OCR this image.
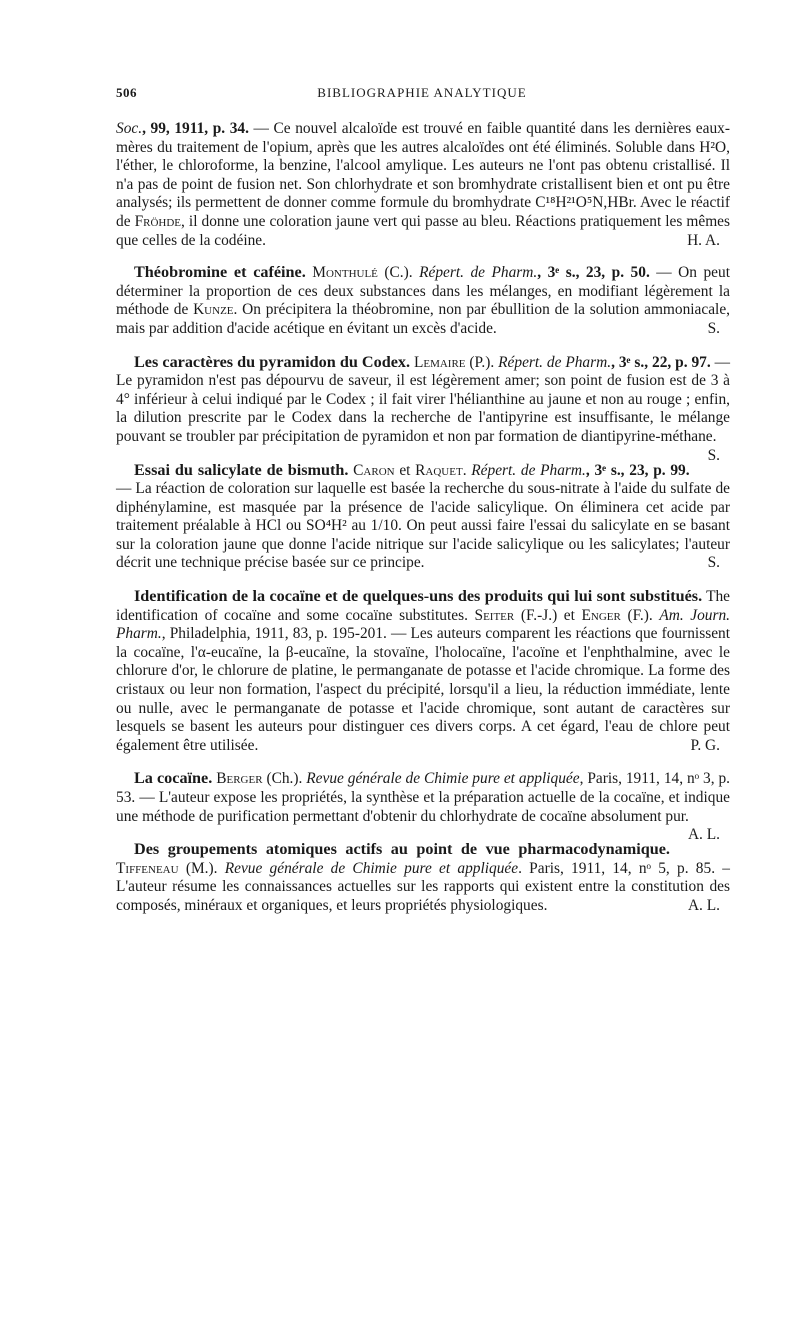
506	BIBLIOGRAPHIE ANALYTIQUE

Soc., 99, 1911, p. 34. — Ce nouvel alcaloïde est trouvé en faible quantité dans les dernières eaux-mères du traitement de l'opium, après que les autres alcaloïdes ont été éliminés. Soluble dans H²O, l'éther, le chloroforme, la benzine, l'alcool amylique. Les auteurs ne l'ont pas obtenu cristallisé. Il n'a pas de point de fusion net. Son chlorhydrate et son bromhydrate cristallisent bien et ont pu être analysés; ils permettent de donner comme formule du bromhydrate C¹⁸H²¹O⁵N,HBr. Avec le réactif de Fröhde, il donne une coloration jaune vert qui passe au bleu. Réactions pratiquement les mêmes que celles de la codéine.	H. A.

Théobromine et caféine. Monthulé (C.). Répert. de Pharm., 3ᵉ s., 23, p. 50. — On peut déterminer la proportion de ces deux substances dans les mélanges, en modifiant légèrement la méthode de Kunze. On précipitera la théobromine, non par ébullition de la solution ammoniacale, mais par addition d'acide acétique en évitant un excès d'acide.	S.

Les caractères du pyramidon du Codex. Lemaire (P.). Répert. de Pharm., 3ᵉ s., 22, p. 97. — Le pyramidon n'est pas dépourvu de saveur, il est légèrement amer; son point de fusion est de 3 à 4° inférieur à celui indiqué par le Codex ; il fait virer l'hélianthine au jaune et non au rouge ; enfin, la dilution prescrite par le Codex dans la recherche de l'antipyrine est insuffisante, le mélange pouvant se troubler par précipitation de pyramidon et non par formation de diantipyrine-méthane.
S.

Essai du salicylate de bismuth. Caron et Raquet. Répert. de Pharm., 3ᵉ s., 23, p. 99. — La réaction de coloration sur laquelle est basée la recherche du sous-nitrate à l'aide du sulfate de diphénylamine, est masquée par la présence de l'acide salicylique. On éliminera cet acide par traitement préalable à HCl ou SO⁴H² au 1/10. On peut aussi faire l'essai du salicylate en se basant sur la coloration jaune que donne l'acide nitrique sur l'acide salicylique ou les salicylates; l'auteur décrit une technique précise basée sur ce principe.	S.

Identification de la cocaïne et de quelques-uns des produits qui lui sont substitués. The identification of cocaïne and some cocaïne substitutes. Seiter (F.-J.) et Enger (F.). Am. Journ. Pharm., Philadelphia, 1911, 83, p. 195-201. — Les auteurs comparent les réactions que fournissent la cocaïne, l'α-eucaïne, la β-eucaïne, la stovaïne, l'holocaïne, l'acoïne et l'enphthalmine, avec le chlorure d'or, le chlorure de platine, le permanganate de potasse et l'acide chromique. La forme des cristaux ou leur non formation, l'aspect du précipité, lorsqu'il a lieu, la réduction immédiate, lente ou nulle, avec le permanganate de potasse et l'acide chromique, sont autant de caractères sur lesquels se basent les auteurs pour distinguer ces divers corps. A cet égard, l'eau de chlore peut également être utilisée.	P. G.

La cocaïne. Berger (Ch.). Revue générale de Chimie pure et appliquée, Paris, 1911, 14, nᵒ 3, p. 53. — L'auteur expose les propriétés, la synthèse et la préparation actuelle de la cocaïne, et indique une méthode de purification permettant d'obtenir du chlorhydrate de cocaïne absolument pur.
A. L.

Des groupements atomiques actifs au point de vue pharmacodynamique. Tiffeneau (M.). Revue générale de Chimie pure et appliquée. Paris, 1911, 14, nᵒ 5, p. 85. – L'auteur résume les connaissances actuelles sur les rapports qui existent entre la constitution des composés, minéraux et organiques, et leurs propriétés physiologiques.	A. L.
